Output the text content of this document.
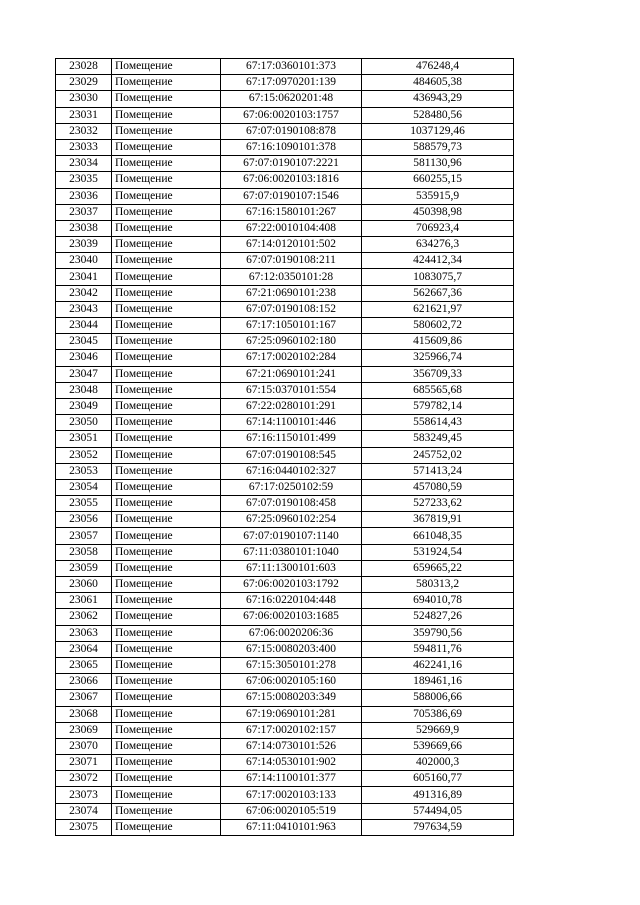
23028	Помещение	67:17:0360101:373	476248,4
23029	Помещение	67:17:0970201:139	484605,38
23030	Помещение	67:15:0620201:48	436943,29
23031	Помещение	67:06:0020103:1757	528480,56
23032	Помещение	67:07:0190108:878	1037129,46
23033	Помещение	67:16:1090101:378	588579,73
23034	Помещение	67:07:0190107:2221	581130,96
23035	Помещение	67:06:0020103:1816	660255,15
23036	Помещение	67:07:0190107:1546	535915,9
23037	Помещение	67:16:1580101:267	450398,98
23038	Помещение	67:22:0010104:408	706923,4
23039	Помещение	67:14:0120101:502	634276,3
23040	Помещение	67:07:0190108:211	424412,34
23041	Помещение	67:12:0350101:28	1083075,7
23042	Помещение	67:21:0690101:238	562667,36
23043	Помещение	67:07:0190108:152	621621,97
23044	Помещение	67:17:1050101:167	580602,72
23045	Помещение	67:25:0960102:180	415609,86
23046	Помещение	67:17:0020102:284	325966,74
23047	Помещение	67:21:0690101:241	356709,33
23048	Помещение	67:15:0370101:554	685565,68
23049	Помещение	67:22:0280101:291	579782,14
23050	Помещение	67:14:1100101:446	558614,43
23051	Помещение	67:16:1150101:499	583249,45
23052	Помещение	67:07:0190108:545	245752,02
23053	Помещение	67:16:0440102:327	571413,24
23054	Помещение	67:17:0250102:59	457080,59
23055	Помещение	67:07:0190108:458	527233,62
23056	Помещение	67:25:0960102:254	367819,91
23057	Помещение	67:07:0190107:1140	661048,35
23058	Помещение	67:11:0380101:1040	531924,54
23059	Помещение	67:11:1300101:603	659665,22
23060	Помещение	67:06:0020103:1792	580313,2
23061	Помещение	67:16:0220104:448	694010,78
23062	Помещение	67:06:0020103:1685	524827,26
23063	Помещение	67:06:0020206:36	359790,56
23064	Помещение	67:15:0080203:400	594811,76
23065	Помещение	67:15:3050101:278	462241,16
23066	Помещение	67:06:0020105:160	189461,16
23067	Помещение	67:15:0080203:349	588006,66
23068	Помещение	67:19:0690101:281	705386,69
23069	Помещение	67:17:0020102:157	529669,9
23070	Помещение	67:14:0730101:526	539669,66
23071	Помещение	67:14:0530101:902	402000,3
23072	Помещение	67:14:1100101:377	605160,77
23073	Помещение	67:17:0020103:133	491316,89
23074	Помещение	67:06:0020105:519	574494,05
23075	Помещение	67:11:0410101:963	797634,59
